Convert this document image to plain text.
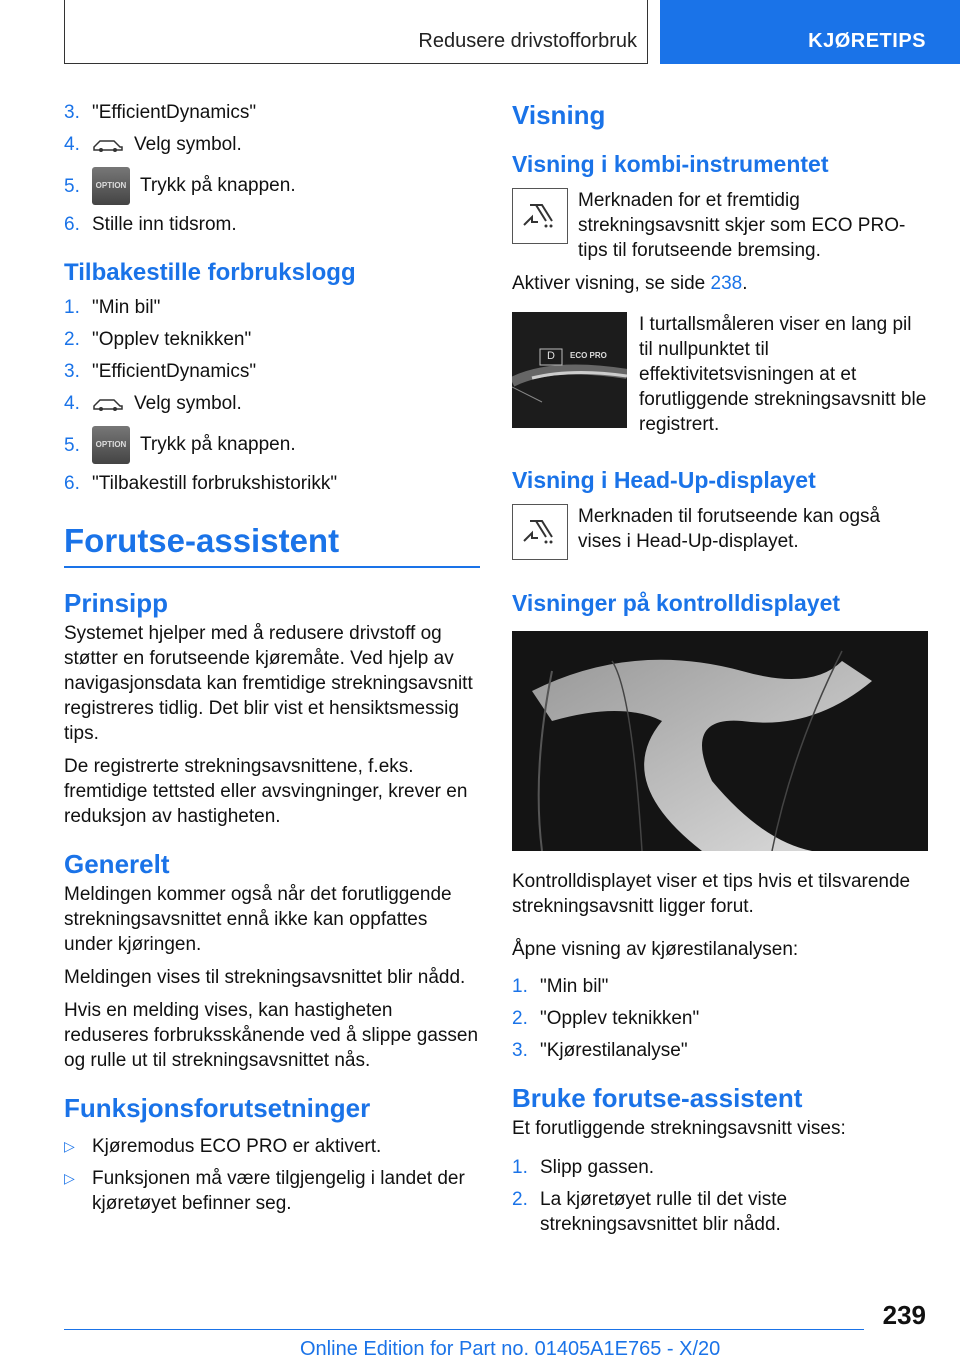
Redusere drivstofforbruk	KJØRETIPS
3. "EfficientDynamics"
4.	Velg symbol.
5.	OPTION Trykk på knappen.
6. Stille inn tidsrom.
Tilbakestille forbrukslogg
1. "Min bil"
2. "Opplev teknikken"
3. "EfficientDynamics"
4.	Velg symbol.
5.	OPTION Trykk på knappen.
6. "Tilbakestill forbrukshistorikk"
Forutse-assistent
Prinsipp

Systemet hjelper med å redusere drivstoff og støtter en forutseende kjøremåte. Ved hjelp av navigasjonsdata kan fremtidige strekningsavsnitt registreres tidlig. Det blir vist et hensiktsmessig tips.

De registrerte strekningsavsnittene, f.eks. fremtidige tettsted eller avsvingninger, krever en reduksjon av hastigheten.

Generelt

Meldingen kommer også når det forutliggende strekningsavsnittet ennå ikke kan oppfattes under kjøringen.

Meldingen vises til strekningsavsnittet blir nådd.

Hvis en melding vises, kan hastigheten reduseres forbruksskånende ved å slippe gassen og rulle ut til strekningsavsnittet nås.

Funksjonsforutsetninger
▷ Kjøremodus ECO PRO er aktivert.
▷ Funksjonen må være tilgjengelig i landet der kjøretøyet befinner seg.
Visning
Visning i kombi-instrumentet

Merknaden for et fremtidig strekningsavsnitt skjer som ECO PRO-tips til forutseende bremsing.

Aktiver visning, se side 238.

D ECO PRO

I turtallsmåleren viser en lang pil til nullpunktet til effektivitetsvisningen at et forutliggende strekningsavsnitt ble registrert.

Visning i Head-Up-displayet

Merknaden til forutseende kan også vises i Head-Up-displayet.

Visninger på kontrolldisplayet

Kontrolldisplayet viser et tips hvis et tilsvarende strekningsavsnitt ligger forut.

Åpne visning av kjørestilanalysen:

1. "Min bil"
2. "Opplev teknikken"
3. "Kjørestilanalyse"
Bruke forutse-assistent

Et forutliggende strekningsavsnitt vises:

1. Slipp gassen.
2. La kjøretøyet rulle til det viste strekningsavsnittet blir nådd.
239
Online Edition for Part no. 01405A1E765 - X/20
